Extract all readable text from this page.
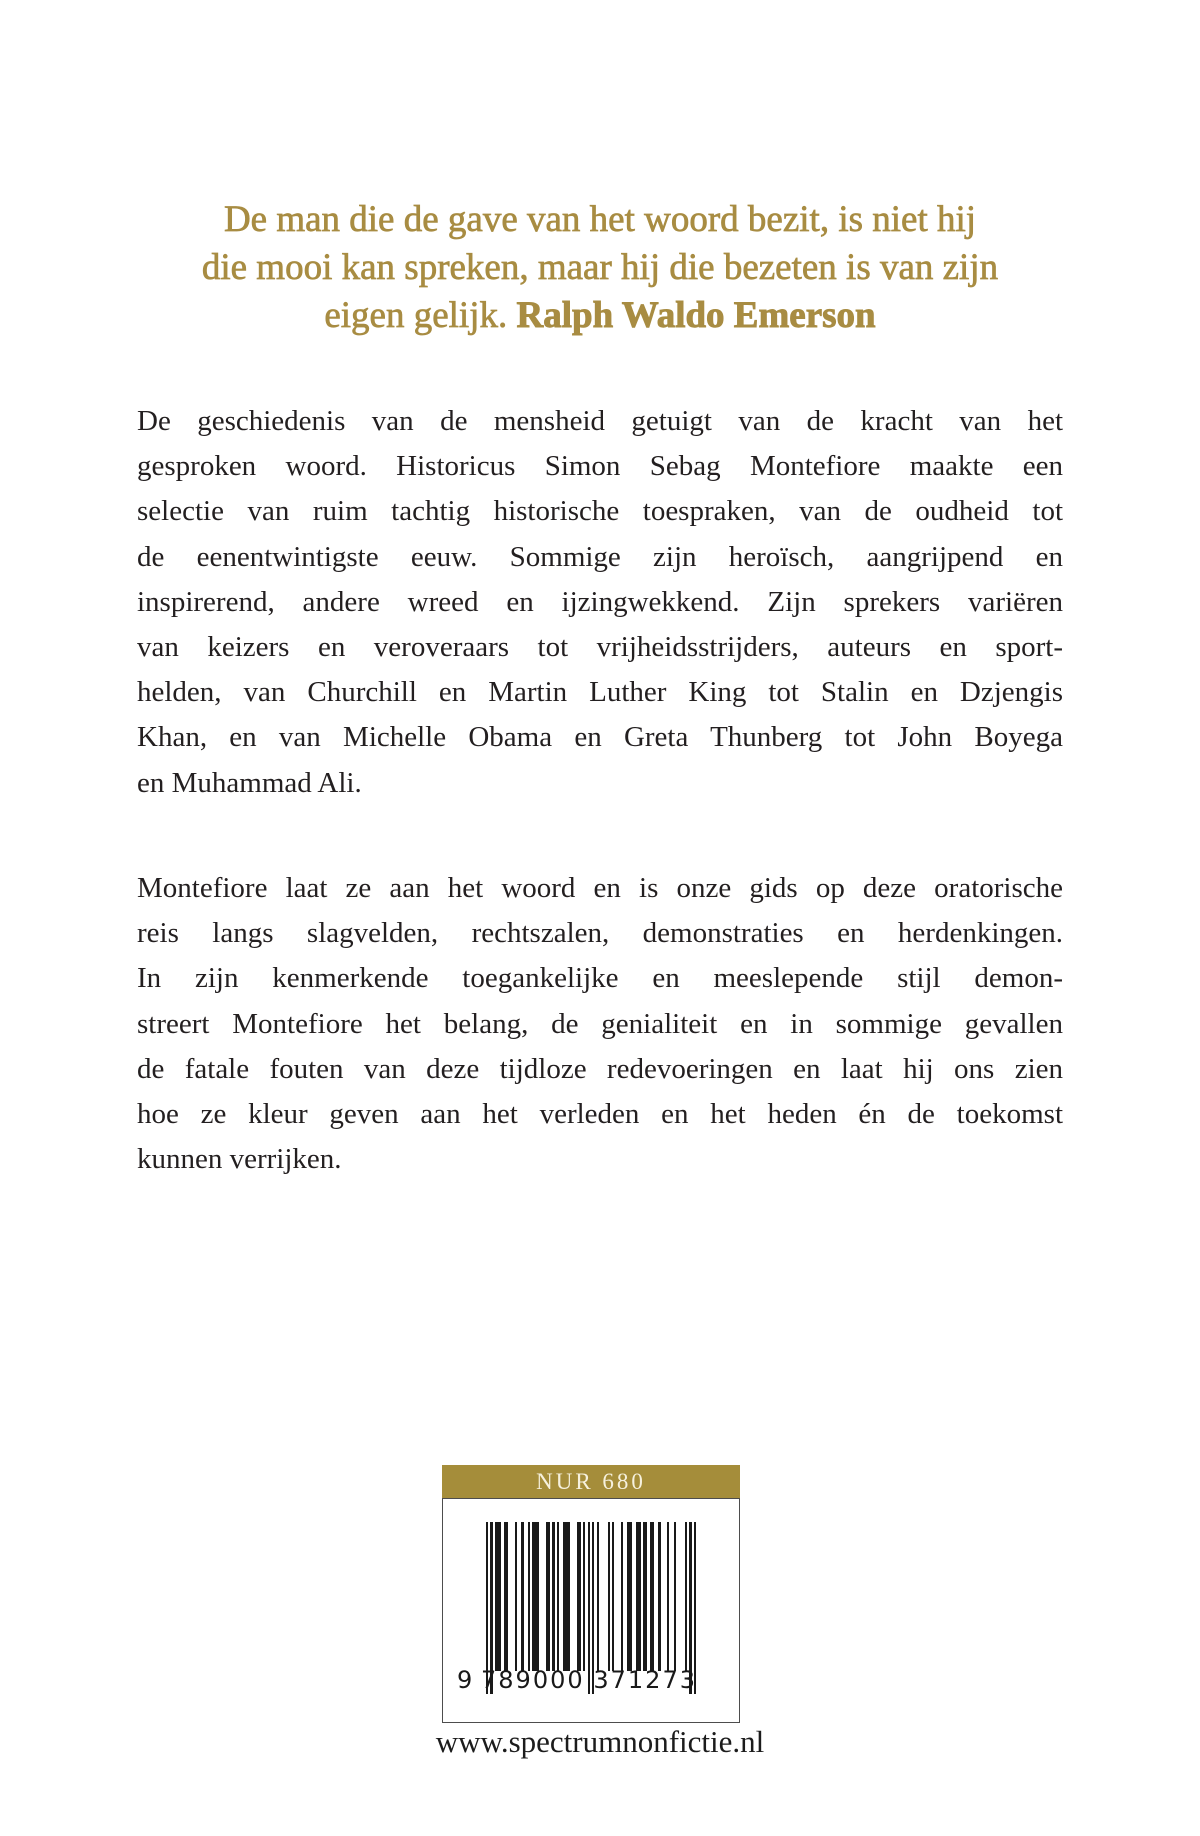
De man die de gave van het woord bezit, is niet hij
die mooi kan spreken, maar hij die bezeten is van zijn
eigen gelijk. Ralph Waldo Emerson
De geschiedenis van de mensheid getuigt van de kracht van het
gesproken woord. Historicus Simon Sebag Montefiore maakte een
selectie van ruim tachtig historische toespraken, van de oudheid tot
de eenentwintigste eeuw. Sommige zijn heroïsch, aangrijpend en
inspirerend, andere wreed en ijzingwekkend. Zijn sprekers variëren
van keizers en veroveraars tot vrijheidsstrijders, auteurs en sport-
helden, van Churchill en Martin Luther King tot Stalin en Dzjengis
Khan, en van Michelle Obama en Greta Thunberg tot John Boyega
en Muhammad Ali.
Montefiore laat ze aan het woord en is onze gids op deze oratorische
reis langs slagvelden, rechtszalen, demonstraties en herdenkingen.
In zijn kenmerkende toegankelijke en meeslepende stijl demon-
streert Montefiore het belang, de genialiteit en in sommige gevallen
de fatale fouten van deze tijdloze redevoeringen en laat hij ons zien
hoe ze kleur geven aan het verleden en het heden én de toekomst
kunnen verrijken.
NUR 680
9 789000 371273
www.spectrumnonfictie.nl
